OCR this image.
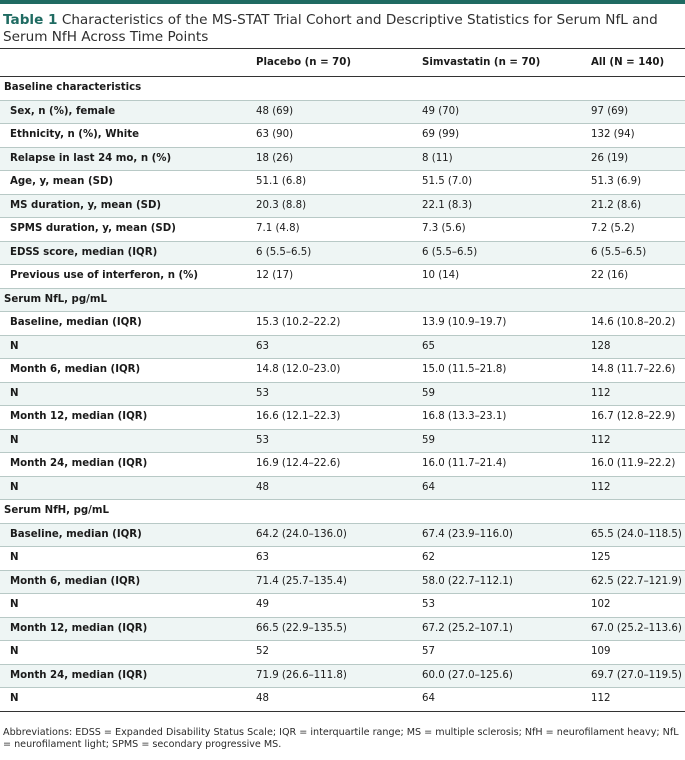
Table 1 Characteristics of the MS-STAT Trial Cohort and Descriptive Statistics for Serum NfL and Serum NfH Across Time Points
	Placebo (n = 70)	Simvastatin (n = 70)	All (N = 140)
Baseline characteristics			
Sex, n (%), female	48 (69)	49 (70)	97 (69)
Ethnicity, n (%), White	63 (90)	69 (99)	132 (94)
Relapse in last 24 mo, n (%)	18 (26)	8 (11)	26 (19)
Age, y, mean (SD)	51.1 (6.8)	51.5 (7.0)	51.3 (6.9)
MS duration, y, mean (SD)	20.3 (8.8)	22.1 (8.3)	21.2 (8.6)
SPMS duration, y, mean (SD)	7.1 (4.8)	7.3 (5.6)	7.2 (5.2)
EDSS score, median (IQR)	6 (5.5–6.5)	6 (5.5–6.5)	6 (5.5–6.5)
Previous use of interferon, n (%)	12 (17)	10 (14)	22 (16)
Serum NfL, pg/mL			
Baseline, median (IQR)	15.3 (10.2–22.2)	13.9 (10.9–19.7)	14.6 (10.8–20.2)
N	63	65	128
Month 6, median (IQR)	14.8 (12.0–23.0)	15.0 (11.5–21.8)	14.8 (11.7–22.6)
N	53	59	112
Month 12, median (IQR)	16.6 (12.1–22.3)	16.8 (13.3–23.1)	16.7 (12.8–22.9)
N	53	59	112
Month 24, median (IQR)	16.9 (12.4–22.6)	16.0 (11.7–21.4)	16.0 (11.9–22.2)
N	48	64	112
Serum NfH, pg/mL			
Baseline, median (IQR)	64.2 (24.0–136.0)	67.4 (23.9–116.0)	65.5 (24.0–118.5)
N	63	62	125
Month 6, median (IQR)	71.4 (25.7–135.4)	58.0 (22.7–112.1)	62.5 (22.7–121.9)
N	49	53	102
Month 12, median (IQR)	66.5 (22.9–135.5)	67.2 (25.2–107.1)	67.0 (25.2–113.6)
N	52	57	109
Month 24, median (IQR)	71.9 (26.6–111.8)	60.0 (27.0–125.6)	69.7 (27.0–119.5)
N	48	64	112
Abbreviations: EDSS = Expanded Disability Status Scale; IQR = interquartile range; MS = multiple sclerosis; NfH = neurofilament heavy; NfL = neurofilament light; SPMS = secondary progressive MS.
